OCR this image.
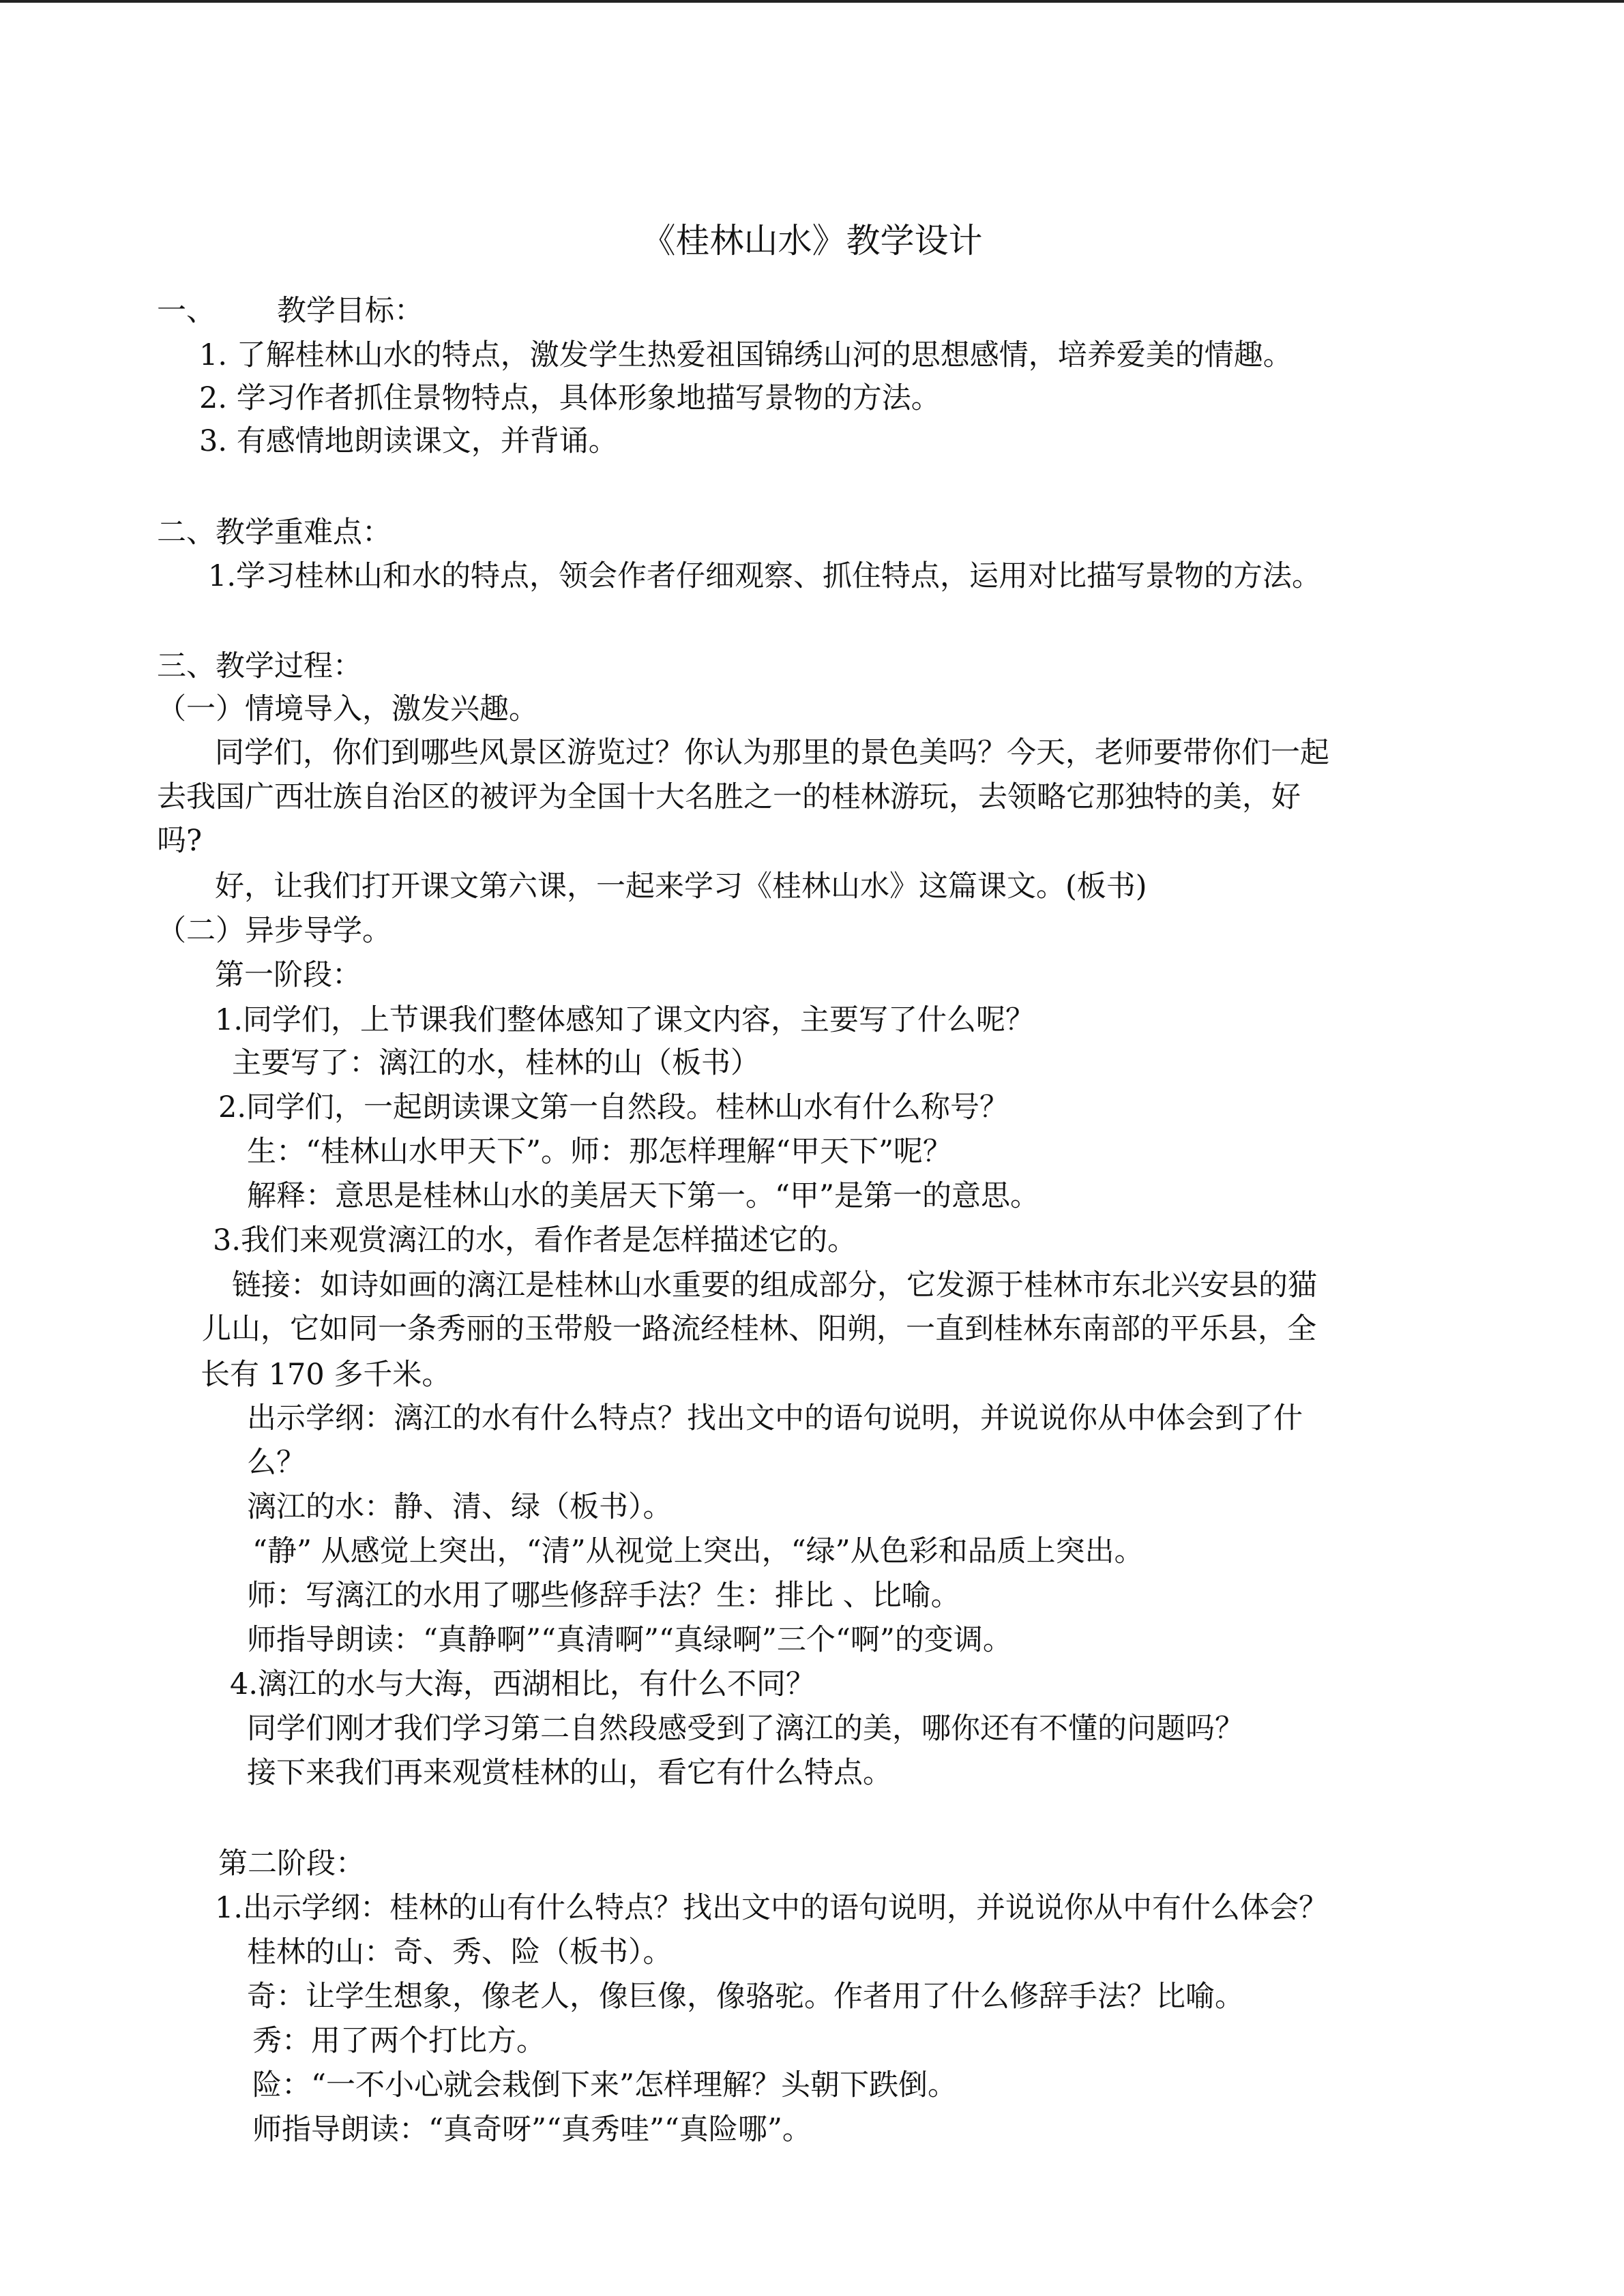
《桂林山水》教学设计
一、 教学目标：
1. 了解桂林山水的特点，激发学生热爱祖国锦绣山河的思想感情，培养爱美的情趣。
2. 学习作者抓住景物特点，具体形象地描写景物的方法。
3. 有感情地朗读课文，并背诵。
二、教学重难点：
1.学习桂林山和水的特点，领会作者仔细观察、抓住特点，运用对比描写景物的方法。
三、教学过程：
（一）情境导入，激发兴趣。
同学们，你们到哪些风景区游览过？你认为那里的景色美吗？今天，老师要带你们一起
去我国广西壮族自治区的被评为全国十大名胜之一的桂林游玩，去领略它那独特的美，好
吗?
好，让我们打开课文第六课，一起来学习《桂林山水》这篇课文。(板书)
（二）异步导学。
第一阶段：
1.同学们，上节课我们整体感知了课文内容，主要写了什么呢？
主要写了：漓江的水，桂林的山（板书）
2.同学们，一起朗读课文第一自然段。桂林山水有什么称号？
生：“桂林山水甲天下”。师：那怎样理解“甲天下”呢？
解释：意思是桂林山水的美居天下第一。“甲”是第一的意思。
3.我们来观赏漓江的水，看作者是怎样描述它的。
链接：如诗如画的漓江是桂林山水重要的组成部分，它发源于桂林市东北兴安县的猫
儿山，它如同一条秀丽的玉带般一路流经桂林、阳朔，一直到桂林东南部的平乐县，全
长有 170 多千米。
出示学纲：漓江的水有什么特点？找出文中的语句说明，并说说你从中体会到了什
么？
漓江的水：静、清、绿（板书）。
“静” 从感觉上突出，“清”从视觉上突出，“绿”从色彩和品质上突出。
师：写漓江的水用了哪些修辞手法？生：排比 、比喻。
师指导朗读：“真静啊”“真清啊”“真绿啊”三个“啊”的变调。
4.漓江的水与大海，西湖相比，有什么不同？
同学们刚才我们学习第二自然段感受到了漓江的美，哪你还有不懂的问题吗？
接下来我们再来观赏桂林的山，看它有什么特点。
第二阶段：
1.出示学纲：桂林的山有什么特点？找出文中的语句说明，并说说你从中有什么体会？
桂林的山：奇、秀、险（板书）。
奇：让学生想象，像老人，像巨像，像骆驼。作者用了什么修辞手法？比喻。
秀：用了两个打比方。
险：“一不小心就会栽倒下来”怎样理解？头朝下跌倒。
师指导朗读：“真奇呀”“真秀哇”“真险哪”。
